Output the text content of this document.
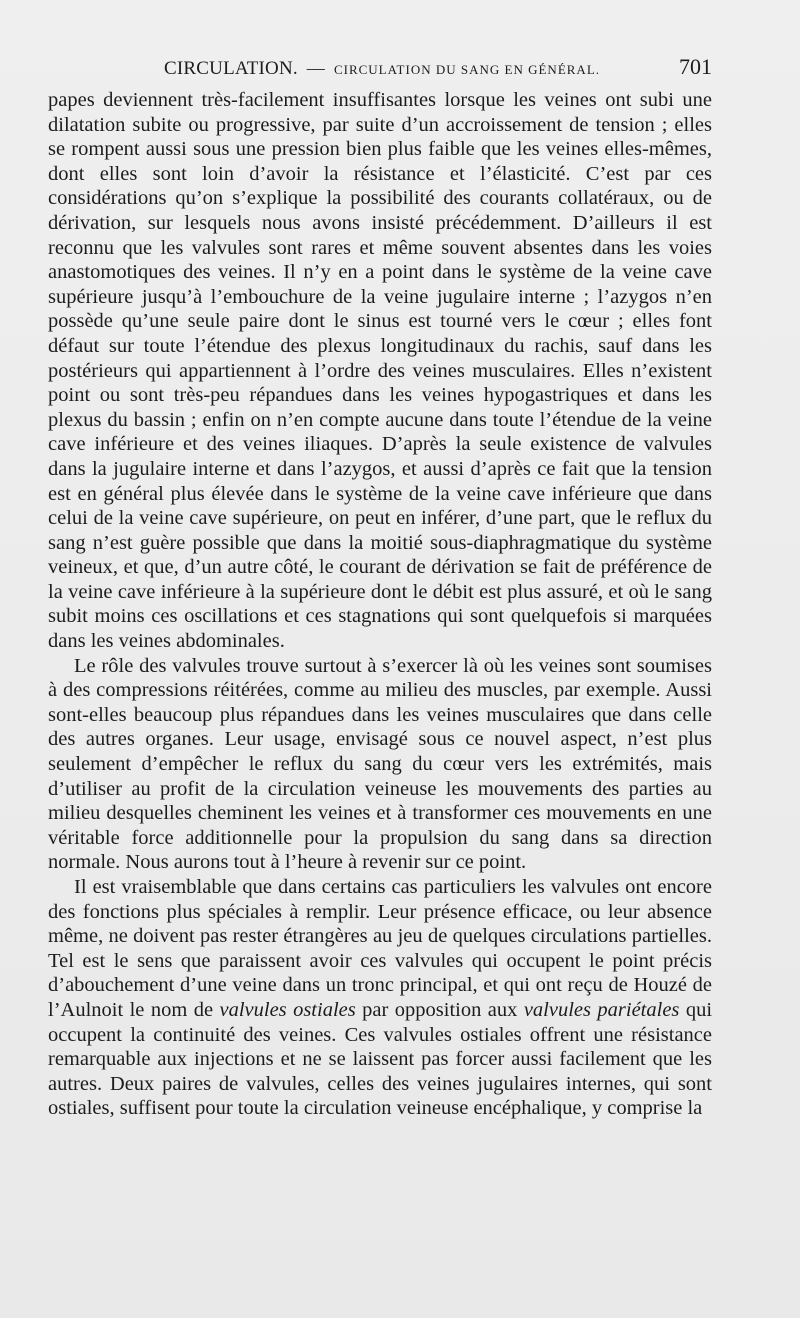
CIRCULATION. — CIRCULATION DU SANG EN GÉNÉRAL.	701

papes deviennent très-facilement insuffisantes lorsque les veines ont subi une dilatation subite ou progressive, par suite d’un accroissement de tension ; elles se rompent aussi sous une pression bien plus faible que les veines elles-mêmes, dont elles sont loin d’avoir la résistance et l’élasticité. C’est par ces considérations qu’on s’explique la possibilité des courants collatéraux, ou de dérivation, sur lesquels nous avons insisté précédemment. D’ailleurs il est reconnu que les valvules sont rares et même souvent absentes dans les voies anastomotiques des veines. Il n’y en a point dans le système de la veine cave supérieure jusqu’à l’embouchure de la veine jugulaire interne ; l’azygos n’en possède qu’une seule paire dont le sinus est tourné vers le cœur ; elles font défaut sur toute l’étendue des plexus longitudinaux du rachis, sauf dans les postérieurs qui appartiennent à l’ordre des veines musculaires. Elles n’existent point ou sont très-peu répandues dans les veines hypogastriques et dans les plexus du bassin ; enfin on n’en compte aucune dans toute l’étendue de la veine cave inférieure et des veines iliaques. D’après la seule existence de valvules dans la jugulaire interne et dans l’azygos, et aussi d’après ce fait que la tension est en général plus élevée dans le système de la veine cave inférieure que dans celui de la veine cave supérieure, on peut en inférer, d’une part, que le reflux du sang n’est guère possible que dans la moitié sous-diaphragmatique du système veineux, et que, d’un autre côté, le courant de dérivation se fait de préférence de la veine cave inférieure à la supérieure dont le débit est plus assuré, et où le sang subit moins ces oscillations et ces stagnations qui sont quelquefois si marquées dans les veines abdominales.

Le rôle des valvules trouve surtout à s’exercer là où les veines sont soumises à des compressions réitérées, comme au milieu des muscles, par exemple. Aussi sont-elles beaucoup plus répandues dans les veines musculaires que dans celle des autres organes. Leur usage, envisagé sous ce nouvel aspect, n’est plus seulement d’empêcher le reflux du sang du cœur vers les extrémités, mais d’utiliser au profit de la circulation veineuse les mouvements des parties au milieu desquelles cheminent les veines et à transformer ces mouvements en une véritable force additionnelle pour la propulsion du sang dans sa direction normale. Nous aurons tout à l’heure à revenir sur ce point.

Il est vraisemblable que dans certains cas particuliers les valvules ont encore des fonctions plus spéciales à remplir. Leur présence efficace, ou leur absence même, ne doivent pas rester étrangères au jeu de quelques circulations partielles. Tel est le sens que paraissent avoir ces valvules qui occupent le point précis d’abouchement d’une veine dans un tronc principal, et qui ont reçu de Houzé de l’Aulnoit le nom de valvules ostiales par opposition aux valvules pariétales qui occupent la continuité des veines. Ces valvules ostiales offrent une résistance remarquable aux injections et ne se laissent pas forcer aussi facilement que les autres. Deux paires de valvules, celles des veines jugulaires internes, qui sont ostiales, suffisent pour toute la circulation veineuse encéphalique, y comprise la
